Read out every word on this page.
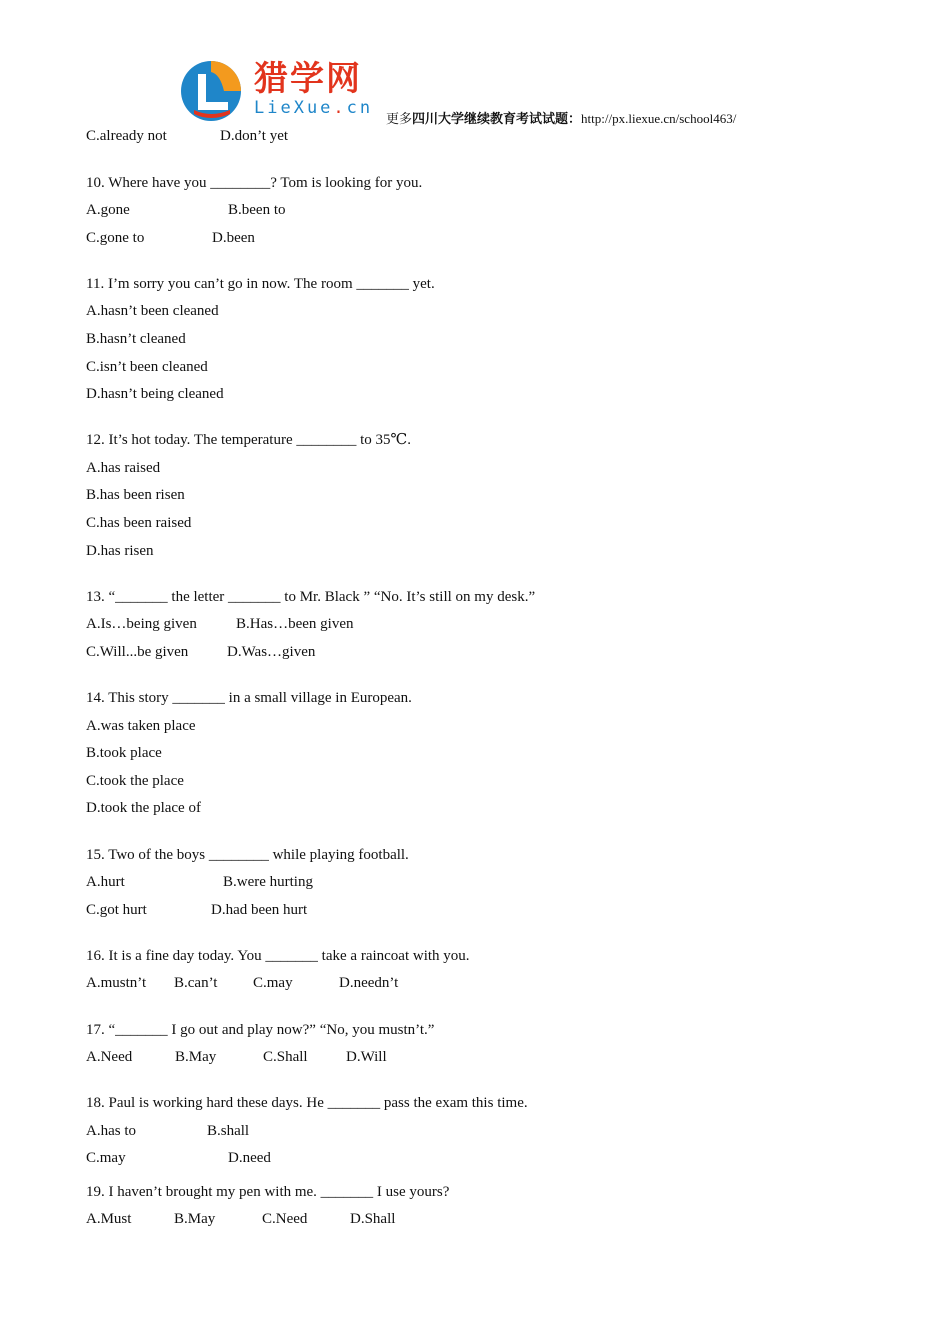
猎学网
LieXue.cn
更多四川大学继续教育考试试题：http://px.liexue.cn/school463/
C.already not	D.don’t yet
10. Where have you ________? Tom is looking for you.
A.gone	B.been to
C.gone to	D.been
11. I’m sorry you can’t go in now. The room _______ yet.
A.hasn’t been cleaned
B.hasn’t cleaned
C.isn’t been cleaned
D.hasn’t being cleaned
12. It’s hot today. The temperature ________ to 35℃.
A.has raised
B.has been risen
C.has been raised
D.has risen
13. “_______ the letter _______ to Mr. Black ” “No. It’s still on my desk.”
A.Is…being given	B.Has…been given
C.Will...be given	D.Was…given
14. This story _______ in a small village in European.
A.was taken place
B.took place
C.took the place
D.took the place of
15. Two of the boys ________ while playing football.
A.hurt	B.were hurting
C.got hurt	D.had been hurt
16. It is a fine day today. You _______ take a raincoat with you.
A.mustn’t B.can’t C.may	D.needn’t
17. “_______ I go out and play now?” “No, you mustn’t.”
A.Need	B.May	C.Shall	D.Will
18. Paul is working hard these days. He _______ pass the exam this time.
A.has to	B.shall
C.may	D.need
19. I haven’t brought my pen with me. _______ I use yours?
A.Must	B.May	C.Need	D.Shall
